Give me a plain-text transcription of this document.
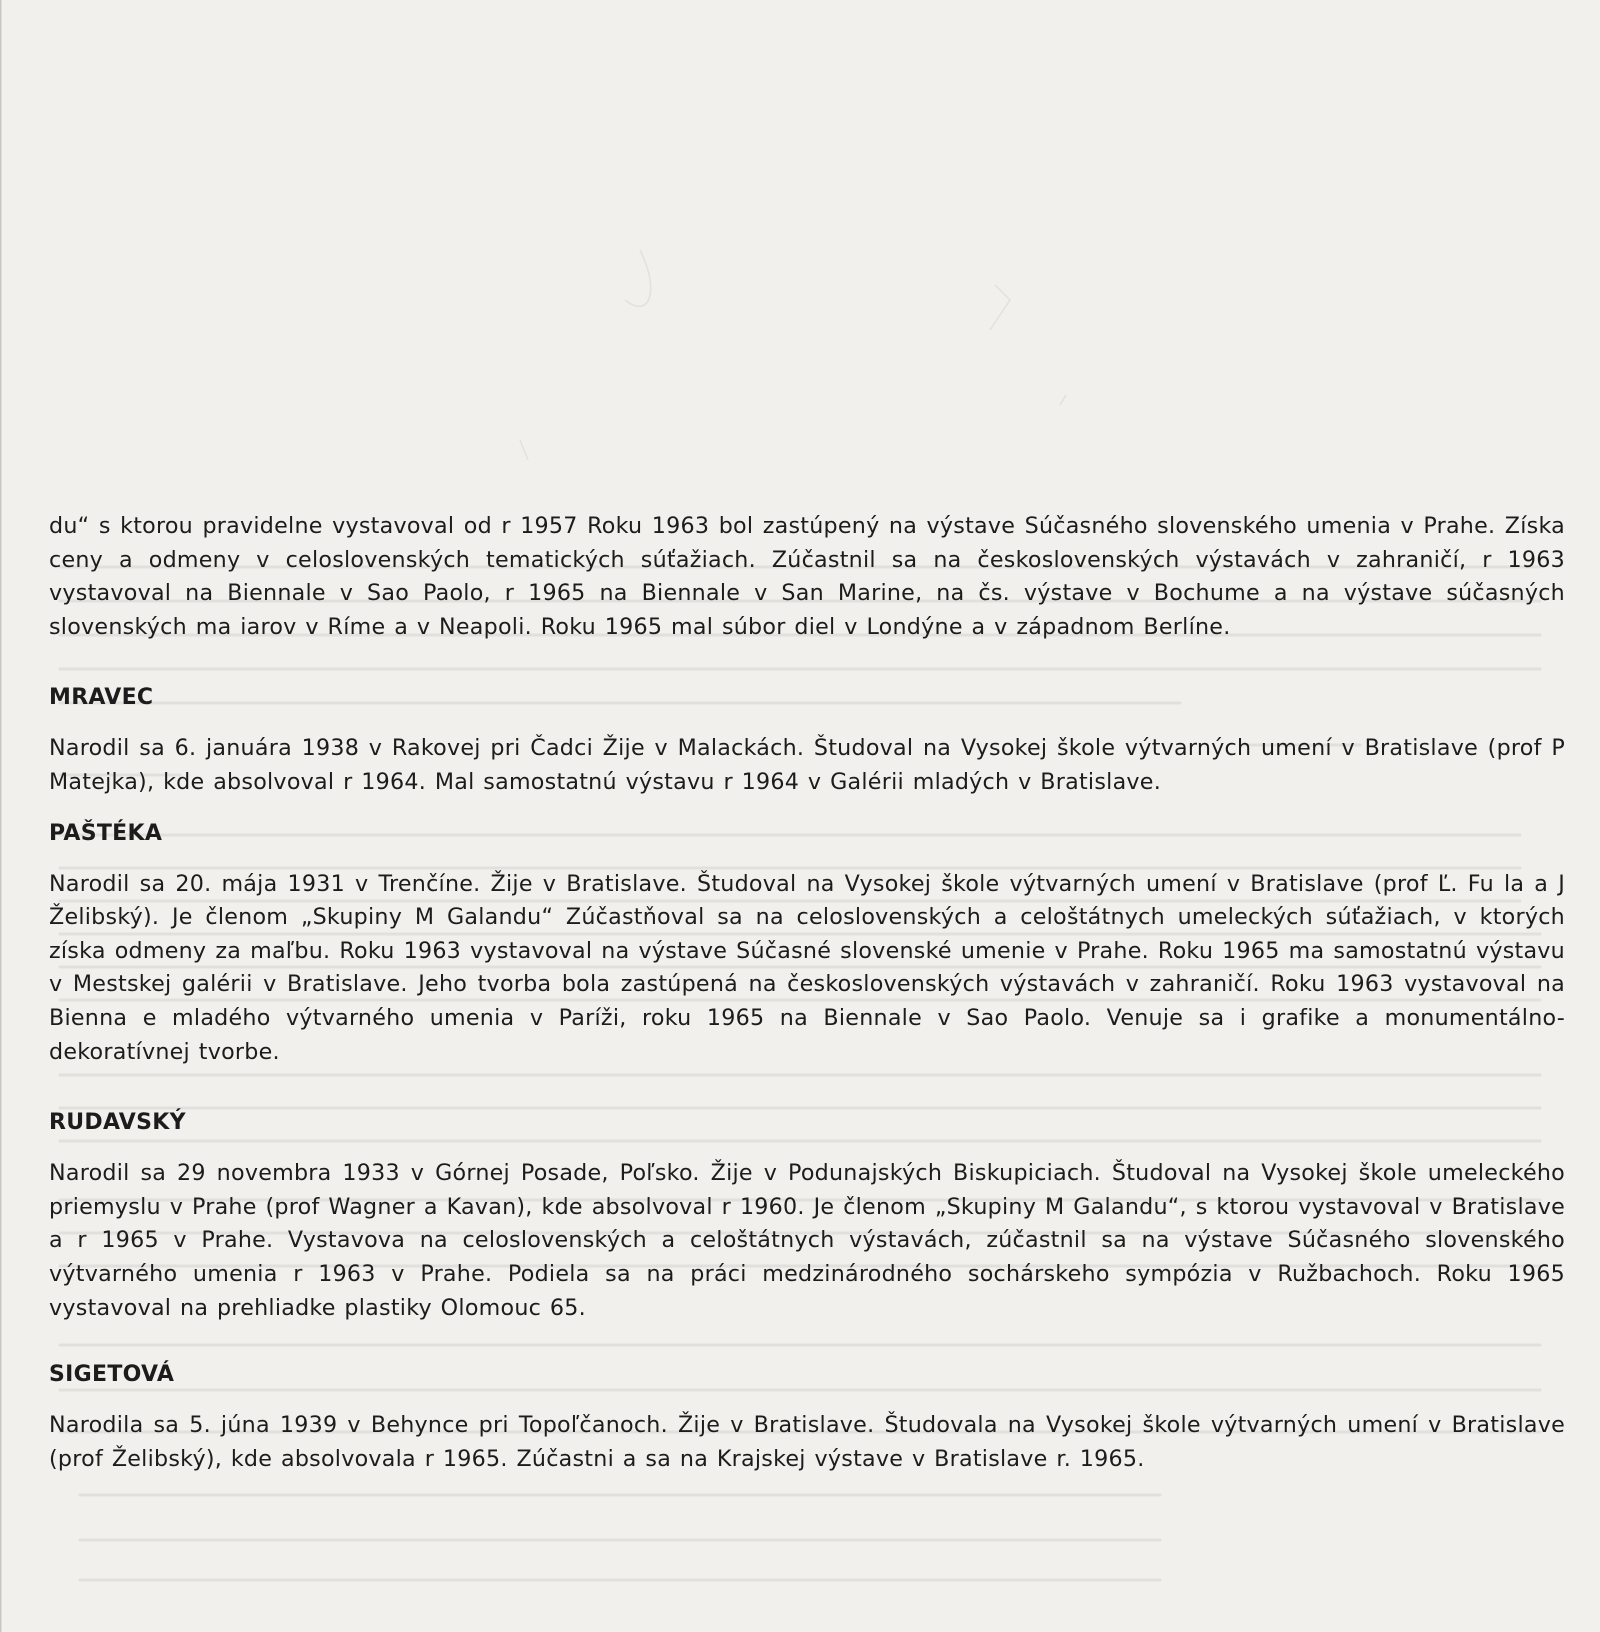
du“ s ktorou pravidelne vystavoval od r 1957 Roku 1963 bol zastúpený na výstave Súčasného slovenského umenia v Prahe. Získa ceny a odmeny v celoslovenských tematických súťažiach. Zúčastnil sa na československých výstavách v zahraničí, r 1963 vystavoval na Biennale v Sao Paolo, r 1965 na Biennale v San Marine, na čs. výstave v Bochume a na výstave súčasných slovenských ma iarov v Ríme a v Neapoli. Roku 1965 mal súbor diel v Londýne a v západnom Berlíne.

MRAVEC

Narodil sa 6. januára 1938 v Rakovej pri Čadci Žije v Malackách. Študoval na Vysokej škole výtvarných umení v Bratislave (prof P Matejka), kde absolvoval r 1964. Mal samostatnú výstavu r 1964 v Galérii mladých v Bratislave.

PAŠTÉKA

Narodil sa 20. mája 1931 v Trenčíne. Žije v Bratislave. Študoval na Vysokej škole výtvarných umení v Bratislave (prof Ľ. Fu la a J Želibský). Je členom „Skupiny M Galandu“ Zúčastňoval sa na celoslovenských a celoštátnych umeleckých súťažiach, v ktorých získa odmeny za maľbu. Roku 1963 vystavoval na výstave Súčasné slovenské umenie v Prahe. Roku 1965 ma samostatnú výstavu v Mestskej galérii v Bratislave. Jeho tvorba bola zastúpená na československých výstavách v zahraničí. Roku 1963 vystavoval na Bienna e mladého výtvarného umenia v Paríži, roku 1965 na Biennale v Sao Paolo. Venuje sa i grafike a monumentálno-dekoratívnej tvorbe.

RUDAVSKÝ

Narodil sa 29 novembra 1933 v Górnej Posade, Poľsko. Žije v Podunajských Biskupiciach. Študoval na Vysokej škole umeleckého priemyslu v Prahe (prof Wagner a Kavan), kde absolvoval r 1960. Je členom „Skupiny M Galandu“, s ktorou vystavoval v Bratislave a r 1965 v Prahe. Vystavova na celoslovenských a celoštátnych výstavách, zúčastnil sa na výstave Súčasného slovenského výtvarného umenia r 1963 v Prahe. Podiela sa na práci medzinárodného sochárskeho sympózia v Ružbachoch. Roku 1965 vystavoval na prehliadke plastiky Olomouc 65.

SIGETOVÁ

Narodila sa 5. júna 1939 v Behynce pri Topoľčanoch. Žije v Bratislave. Študovala na Vysokej škole výtvarných umení v Bratislave (prof Želibský), kde absolvovala r 1965. Zúčastni a sa na Krajskej výstave v Bratislave r. 1965.
